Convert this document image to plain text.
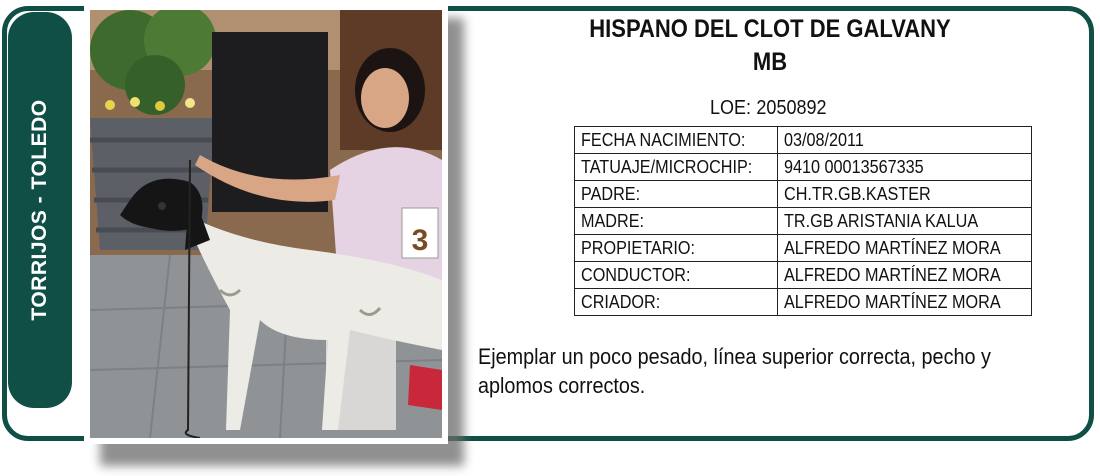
TORRIJOS - TOLEDO	3
HISPANO DEL CLOT DE GALVANY
MB
LOE: 2050892
FECHA NACIMIENTO:	03/08/2011
TATUAJE/MICROCHIP:	9410 00013567335
PADRE:	CH.TR.GB.KASTER
MADRE:	TR.GB ARISTANIA KALUA
PROPIETARIO:	ALFREDO MARTÍNEZ MORA
CONDUCTOR:	ALFREDO MARTÍNEZ MORA
CRIADOR:	ALFREDO MARTÍNEZ MORA
Ejemplar un poco pesado, línea superior correcta, pecho y aplomos correctos.
